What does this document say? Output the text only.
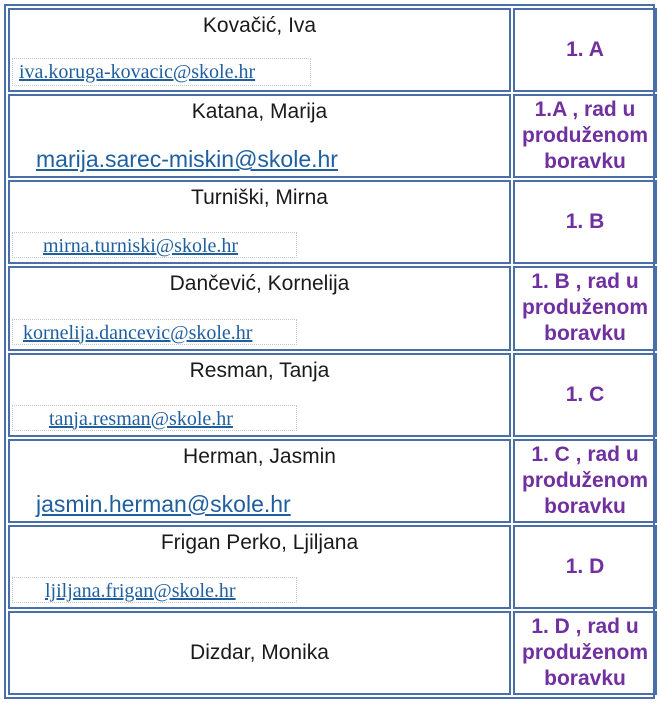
Kovačić, Iva
iva.koruga-kovacic@skole.hr
1. A
Katana, Marija
marija.sarec-miskin@skole.hr
1.A , rad u produženom boravku
Turniški, Mirna
mirna.turniski@skole.hr
1. B
Dančević, Kornelija
kornelija.dancevic@skole.hr
1. B , rad u produženom boravku
Resman, Tanja
tanja.resman@skole.hr
1. C
Herman, Jasmin
jasmin.herman@skole.hr
1. C , rad u produženom boravku
Frigan Perko, Ljiljana
ljiljana.frigan@skole.hr
1. D
Dizdar, Monika
1. D , rad u produženom boravku
